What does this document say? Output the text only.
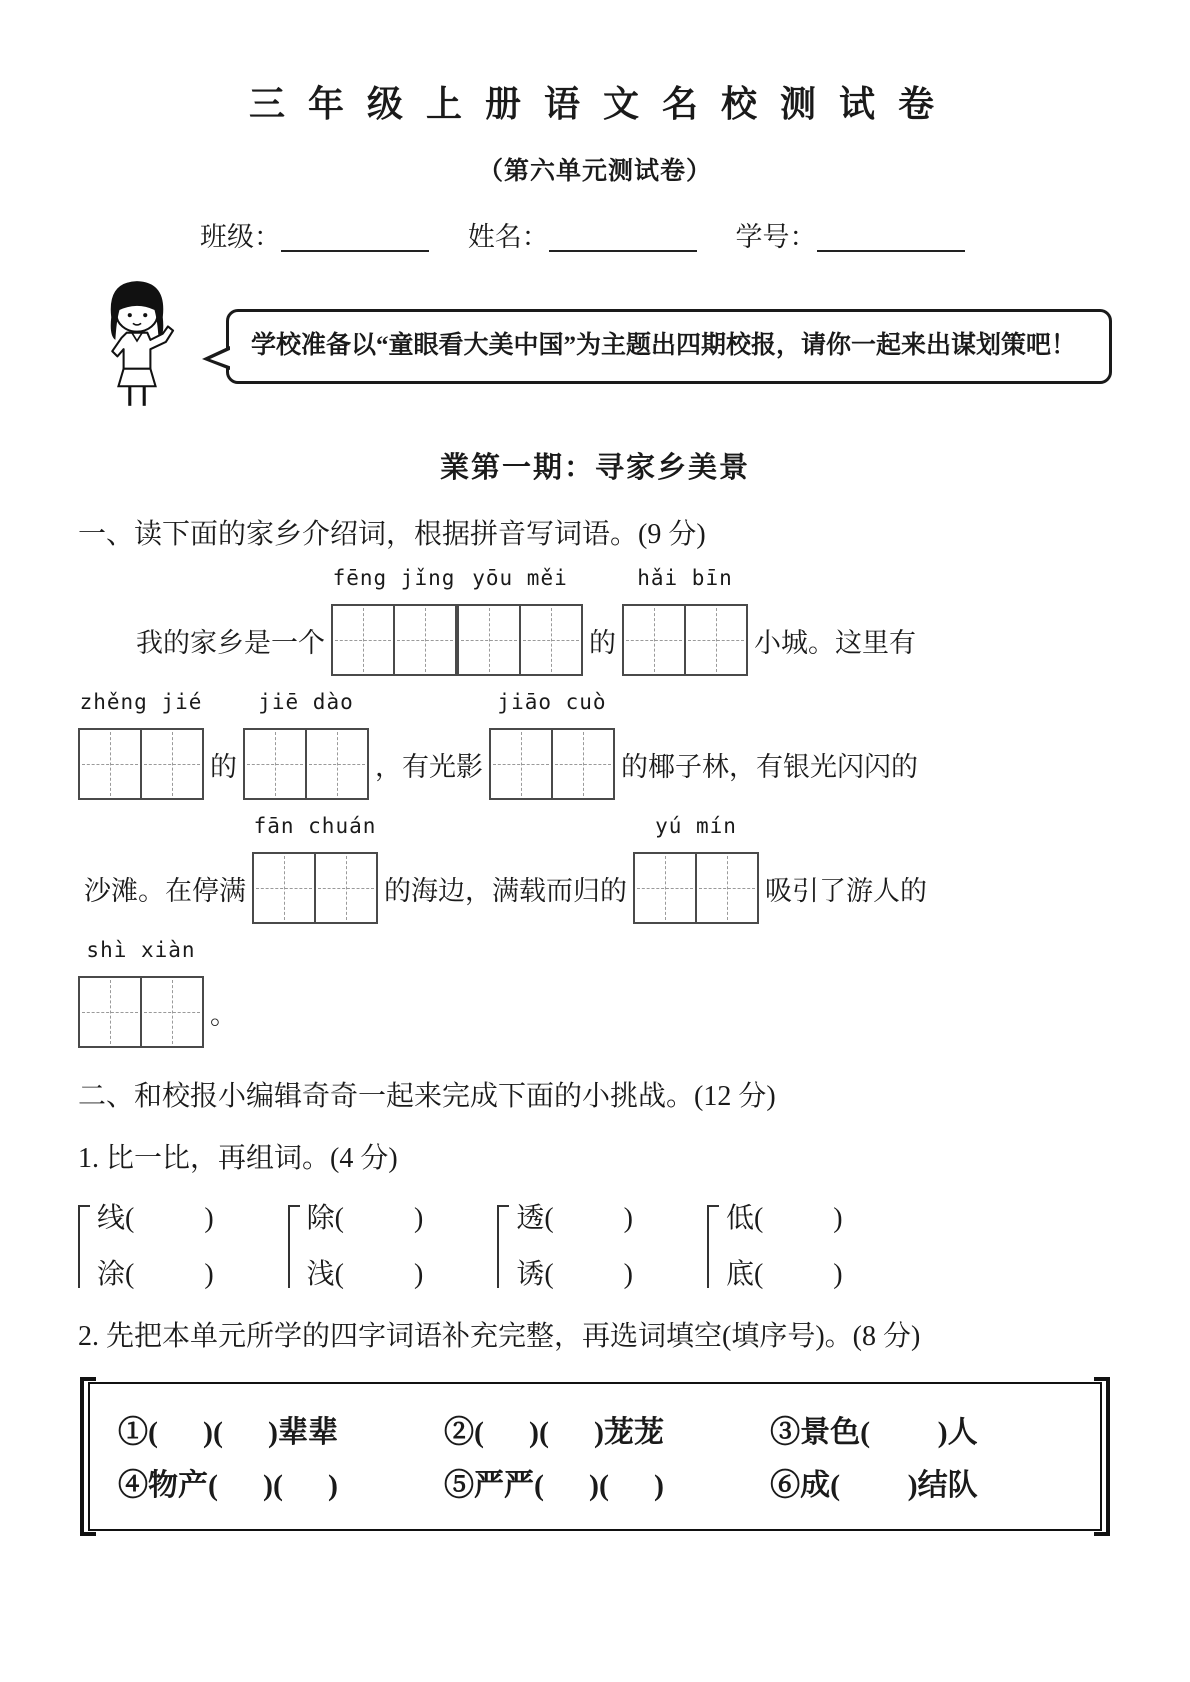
三 年 级 上 册 语 文 名 校 测 试 卷
（第六单元测试卷）
班级：	姓名：	学号：
学校准备以“童眼看大美中国”为主题出四期校报，请你一起来出谋划策吧！
業第一期：寻家乡美景
一、读下面的家乡介绍词，根据拼音写词语。(9 分)
我的家乡是一个
fēng jǐng yōu měi
的
hǎi bīn
小城。这里有
zhěng jié
的
jiē dào
，有光影
jiāo cuò
的椰子林，有银光闪闪的
沙滩。在停满
fān chuán
的海边，满载而归的
yú mín
吸引了游人的
shì xiàn
。
二、和校报小编辑奇奇一起来完成下面的小挑战。(12 分)
1. 比一比，再组词。(4 分)
线(          )
涂(          )
除(          )
浅(          )
透(          )
诱(          )
低(          )
底(          )
2. 先把本单元所学的四字词语补充完整，再选词填空(填序号)。(8 分)
①(      )(      )辈辈	②(      )(      )茏茏	③景色(         )人
④物产(      )(      )	⑤严严(      )(      )	⑥成(         )结队
